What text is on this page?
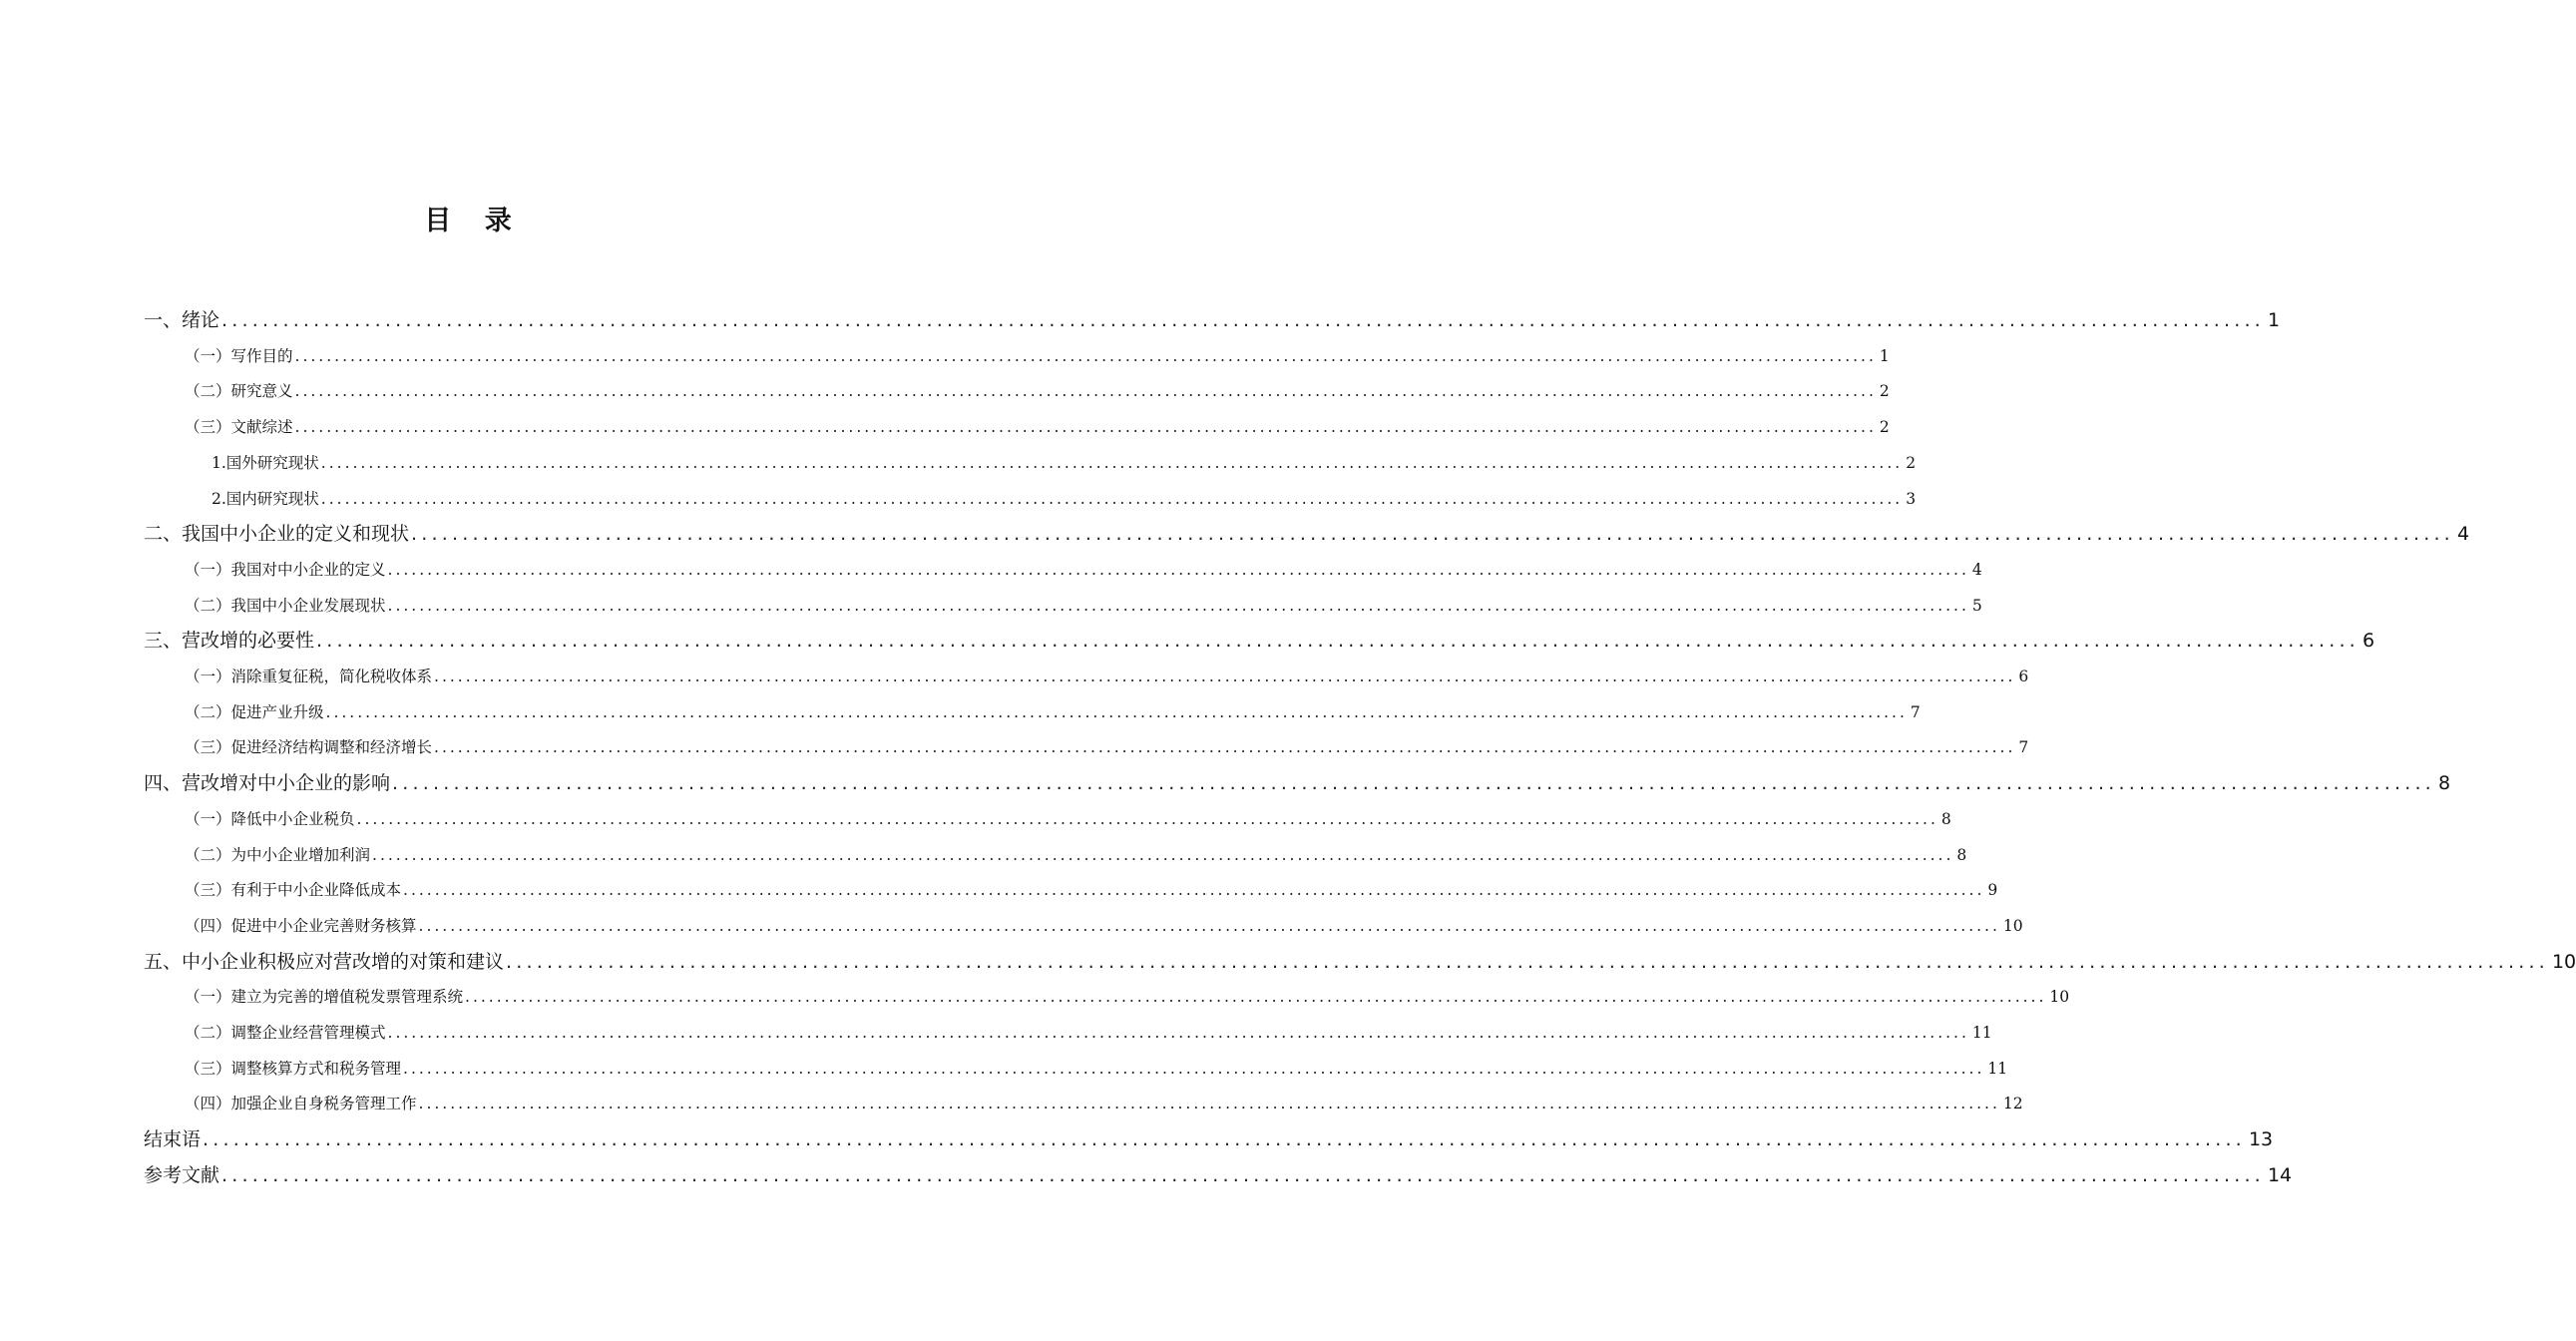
目 录
一、绪论 ........................................................................................................................................................................................................ 1
（一）写作目的 ........................................................................................................................................................................................................ 1
（二）研究意义 ........................................................................................................................................................................................................ 2
（三）文献综述 ........................................................................................................................................................................................................ 2
1.国外研究现状 ........................................................................................................................................................................................................ 2
2.国内研究现状 ........................................................................................................................................................................................................ 3
二、我国中小企业的定义和现状 ........................................................................................................................................................................................................ 4
（一）我国对中小企业的定义 ........................................................................................................................................................................................................ 4
（二）我国中小企业发展现状 ........................................................................................................................................................................................................ 5
三、营改增的必要性 ........................................................................................................................................................................................................ 6
（一）消除重复征税，简化税收体系 ........................................................................................................................................................................................................ 6
（二）促进产业升级 ........................................................................................................................................................................................................ 7
（三）促进经济结构调整和经济增长 ........................................................................................................................................................................................................ 7
四、营改增对中小企业的影响 ........................................................................................................................................................................................................ 8
（一）降低中小企业税负 ........................................................................................................................................................................................................ 8
（二）为中小企业增加利润 ........................................................................................................................................................................................................ 8
（三）有利于中小企业降低成本 ........................................................................................................................................................................................................ 9
（四）促进中小企业完善财务核算 ........................................................................................................................................................................................................ 10
五、中小企业积极应对营改增的对策和建议 ........................................................................................................................................................................................................ 10
（一）建立为完善的增值税发票管理系统 ........................................................................................................................................................................................................ 10
（二）调整企业经营管理模式 ........................................................................................................................................................................................................ 11
（三）调整核算方式和税务管理 ........................................................................................................................................................................................................ 11
（四）加强企业自身税务管理工作 ........................................................................................................................................................................................................ 12
结束语 ........................................................................................................................................................................................................ 13
参考文献 ........................................................................................................................................................................................................ 14
